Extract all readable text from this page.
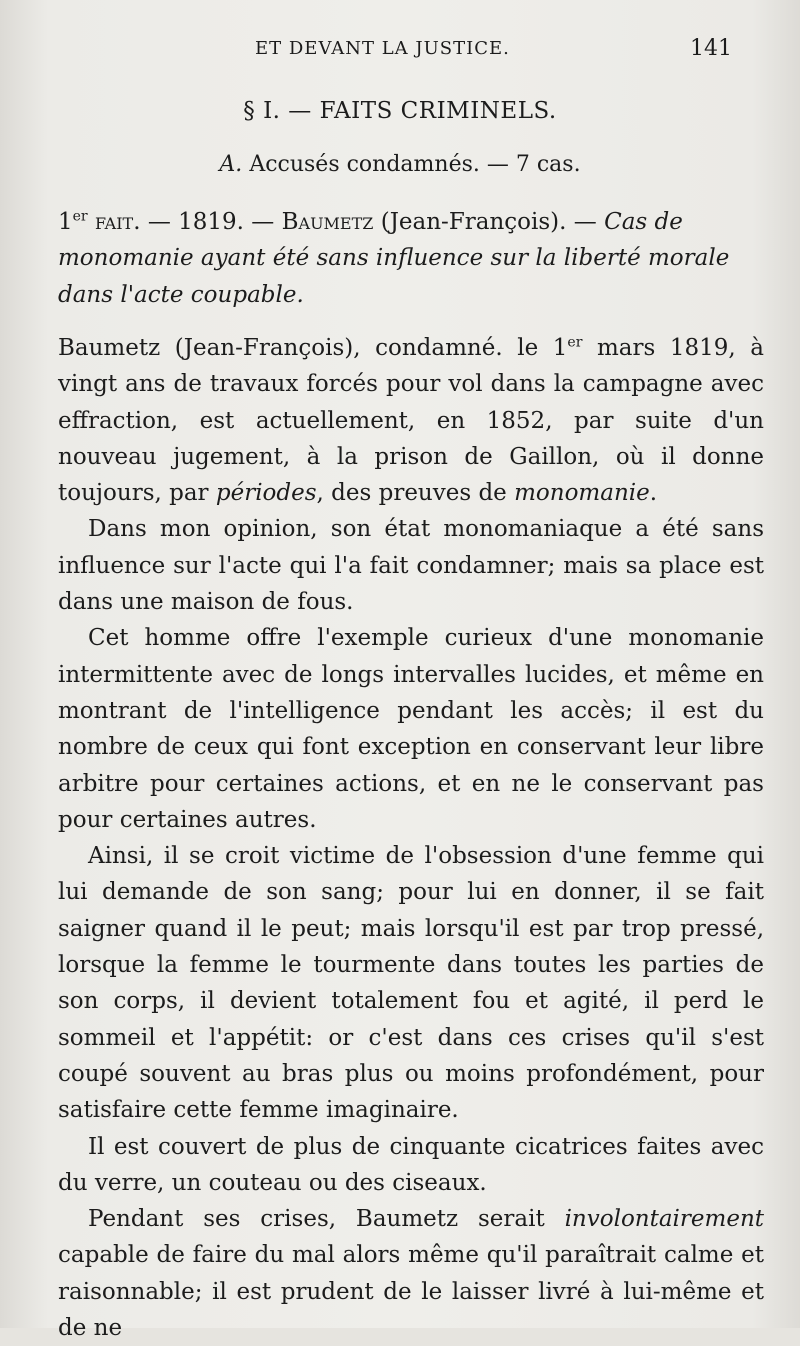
ET DEVANT LA JUSTICE.	141
§ I. — FAITS CRIMINELS.
A. Accusés condamnés. — 7 cas.
1er fait. — 1819. — Baumetz (Jean-François). — Cas de monomanie ayant été sans influence sur la liberté morale dans l'acte coupable.

Baumetz (Jean-François), condamné. le 1er mars 1819, à vingt ans de travaux forcés pour vol dans la campagne avec effraction, est actuellement, en 1852, par suite d'un nouveau jugement, à la prison de Gaillon, où il donne toujours, par périodes, des preuves de monomanie.

Dans mon opinion, son état monomaniaque a été sans influence sur l'acte qui l'a fait condamner; mais sa place est dans une maison de fous.

Cet homme offre l'exemple curieux d'une monomanie intermittente avec de longs intervalles lucides, et même en montrant de l'intelligence pendant les accès; il est du nombre de ceux qui font exception en conservant leur libre arbitre pour certaines actions, et en ne le conservant pas pour certaines autres.

Ainsi, il se croit victime de l'obsession d'une femme qui lui demande de son sang; pour lui en donner, il se fait saigner quand il le peut; mais lorsqu'il est par trop pressé, lorsque la femme le tourmente dans toutes les parties de son corps, il devient totalement fou et agité, il perd le sommeil et l'appétit: or c'est dans ces crises qu'il s'est coupé souvent au bras plus ou moins profondément, pour satisfaire cette femme imaginaire.

Il est couvert de plus de cinquante cicatrices faites avec du verre, un couteau ou des ciseaux.

Pendant ses crises, Baumetz serait involontairement capable de faire du mal alors même qu'il paraîtrait calme et raisonnable; il est prudent de le laisser livré à lui-même et de ne
